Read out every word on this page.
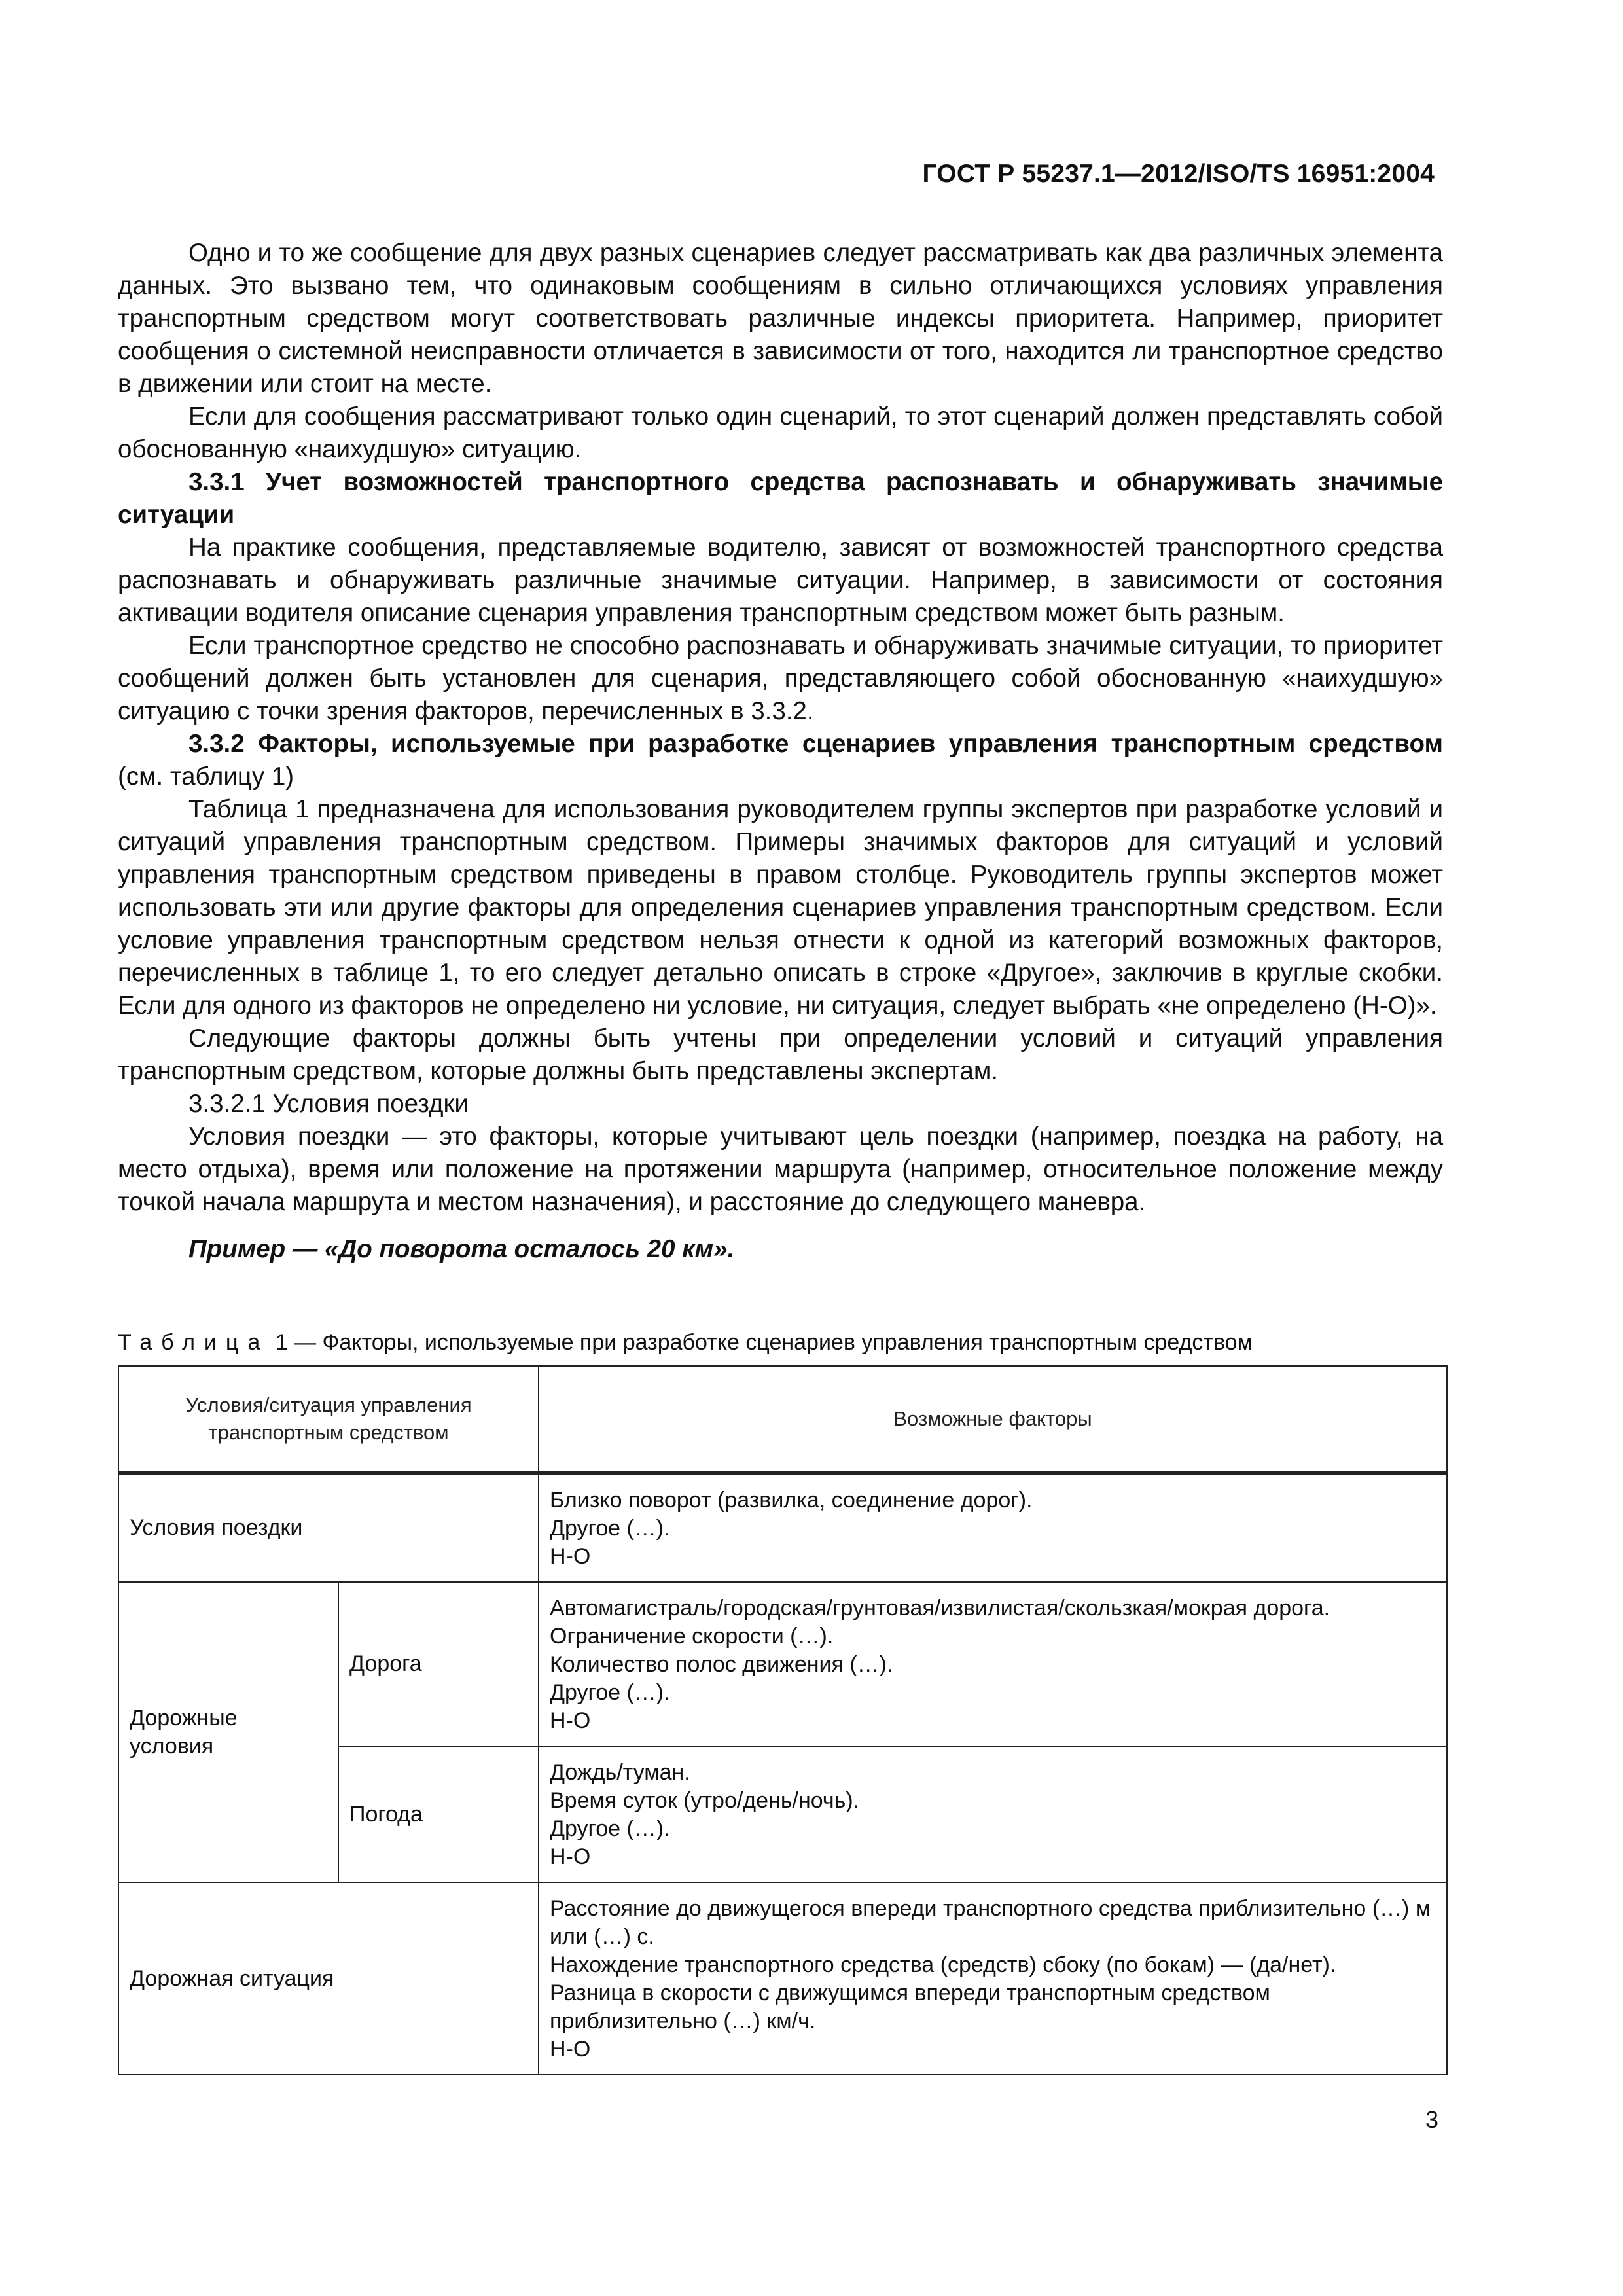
ГОСТ Р 55237.1—2012/ISO/TS 16951:2004

Одно и то же сообщение для двух разных сценариев следует рассматривать как два различных элемента данных. Это вызвано тем, что одинаковым сообщениям в сильно отличающихся условиях управления транспортным средством могут соответствовать различные индексы приоритета. Например, приоритет сообщения о системной неисправности отличается в зависимости от того, находится ли транспортное средство в движении или стоит на месте.

Если для сообщения рассматривают только один сценарий, то этот сценарий должен представлять собой обоснованную «наихудшую» ситуацию.

3.3.1 Учет возможностей транспортного средства распознавать и обнаруживать значимые ситуации

На практике сообщения, представляемые водителю, зависят от возможностей транспортного средства распознавать и обнаруживать различные значимые ситуации. Например, в зависимости от состояния активации водителя описание сценария управления транспортным средством может быть разным.

Если транспортное средство не способно распознавать и обнаруживать значимые ситуации, то приоритет сообщений должен быть установлен для сценария, представляющего собой обоснованную «наихудшую» ситуацию с точки зрения факторов, перечисленных в 3.3.2.

3.3.2 Факторы, используемые при разработке сценариев управления транспортным средством (см. таблицу 1)

Таблица 1 предназначена для использования руководителем группы экспертов при разработке условий и ситуаций управления транспортным средством. Примеры значимых факторов для ситуаций и условий управления транспортным средством приведены в правом столбце. Руководитель группы экспертов может использовать эти или другие факторы для определения сценариев управления транспортным средством. Если условие управления транспортным средством нельзя отнести к одной из категорий возможных факторов, перечисленных в таблице 1, то его следует детально описать в строке «Другое», заключив в круглые скобки. Если для одного из факторов не определено ни условие, ни ситуация, следует выбрать «не определено (Н-О)».

Следующие факторы должны быть учтены при определении условий и ситуаций управления транспортным средством, которые должны быть представлены экспертам.

3.3.2.1 Условия поездки

Условия поездки — это факторы, которые учитывают цель поездки (например, поездка на работу, на место отдыха), время или положение на протяжении маршрута (например, относительное положение между точкой начала маршрута и местом назначения), и расстояние до следующего маневра.

Пример — «До поворота осталось 20 км».

Таблица 1 — Факторы, используемые при разработке сценариев управления транспортным средством
Условия/ситуация управления транспортным средством		Возможные факторы
Условия поездки		Близко поворот (развилка, соединение дорог).
Другое (…).
Н-О

Дорожные условия	Дорога	Автомагистраль/городская/грунтовая/извилистая/скользкая/мокрая дорога.
Ограничение скорости (…).
Количество полос движения (…).
Другое (…).
Н-О

	Погода	Дождь/туман.
Время суток (утро/день/ночь).
Другое (…).
Н-О

Дорожная ситуация		Расстояние до движущегося впереди транспортного средства приблизительно (…) м или (…) с.
Нахождение транспортного средства (средств) сбоку (по бокам) — (да/нет).
Разница в скорости с движущимся впереди транспортным средством приблизительно (…) км/ч.
Н-О
3
